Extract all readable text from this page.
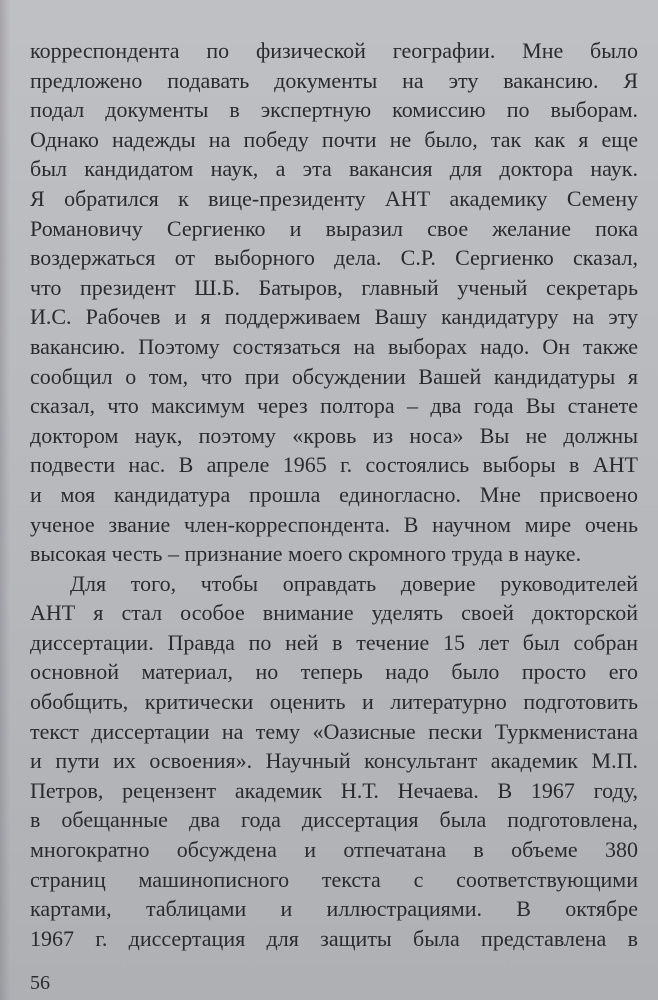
корреспондента по физической географии. Мне было
предложено подавать документы на эту вакансию. Я
подал документы в экспертную комиссию по выборам.
Однако надежды на победу почти не было, так как я еще
был кандидатом наук, а эта вакансия для доктора наук.
Я обратился к вице-президенту АНТ академику Семену
Романовичу Сергиенко и выразил свое желание пока
воздержаться от выборного дела. С.Р. Сергиенко сказал,
что президент Ш.Б. Батыров, главный ученый секретарь
И.С. Рабочев и я поддерживаем Вашу кандидатуру на эту
вакансию. Поэтому состязаться на выборах надо. Он также
сообщил о том, что при обсуждении Вашей кандидатуры я
сказал, что максимум через полтора – два года Вы станете
доктором наук, поэтому «кровь из носа» Вы не должны
подвести нас. В апреле 1965 г. состоялись выборы в АНТ
и моя кандидатура прошла единогласно. Мне присвоено
ученое звание член-корреспондента. В научном мире очень
высокая честь – признание моего скромного труда в науке.
Для того, чтобы оправдать доверие руководителей
АНТ я стал особое внимание уделять своей докторской
диссертации. Правда по ней в течение 15 лет был собран
основной материал, но теперь надо было просто его
обобщить, критически оценить и литературно подготовить
текст диссертации на тему «Оазисные пески Туркменистана
и пути их освоения». Научный консультант академик М.П.
Петров, рецензент академик Н.Т. Нечаева. В 1967 году,
в обещанные два года диссертация была подготовлена,
многократно обсуждена и отпечатана в объеме 380
страниц машинописного текста с соответствующими
картами, таблицами и иллюстрациями. В октябре
1967 г. диссертация для защиты была представлена в
56
